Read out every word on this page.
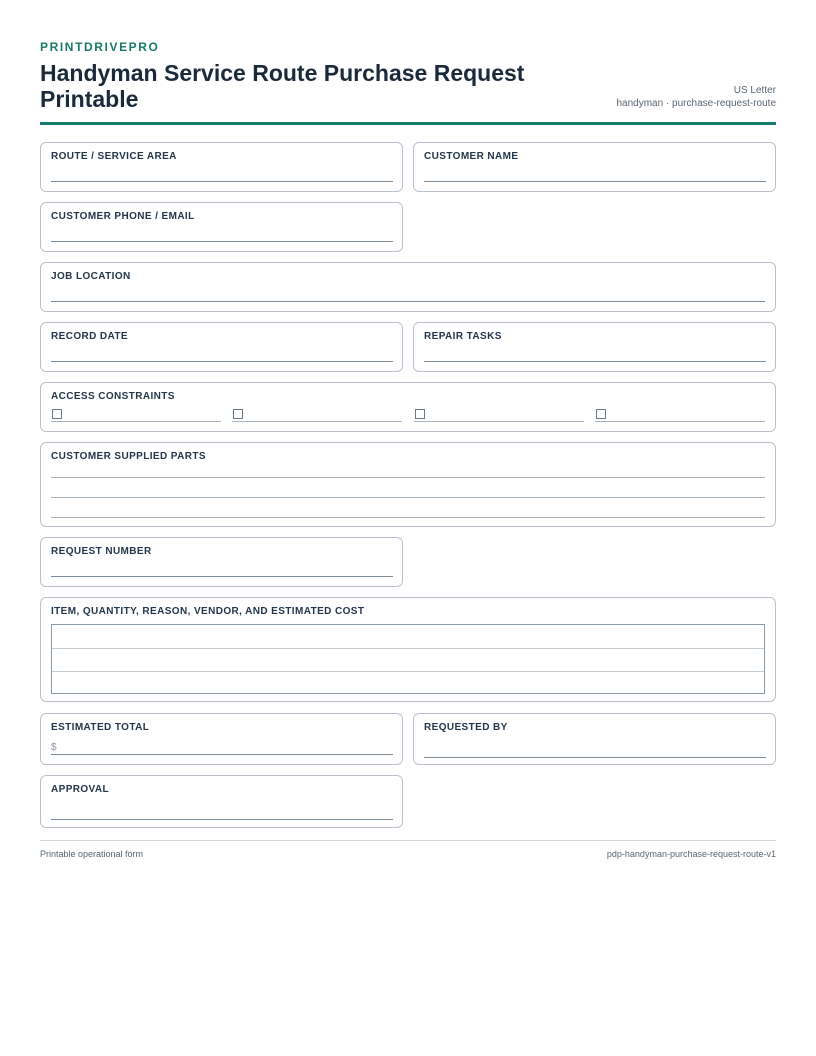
PRINTDRIVEPRO
Handyman Service Route Purchase Request Printable	US Letter
handyman · purchase-request-route
ROUTE / SERVICE AREA	CUSTOMER NAME
CUSTOMER PHONE / EMAIL
JOB LOCATION
RECORD DATE	REPAIR TASKS
ACCESS CONSTRAINTS
CUSTOMER SUPPLIED PARTS
REQUEST NUMBER
ITEM, QUANTITY, REASON, VENDOR, AND ESTIMATED COST
ESTIMATED TOTAL
$
REQUESTED BY
APPROVAL
Printable operational form	pdp-handyman-purchase-request-route-v1
